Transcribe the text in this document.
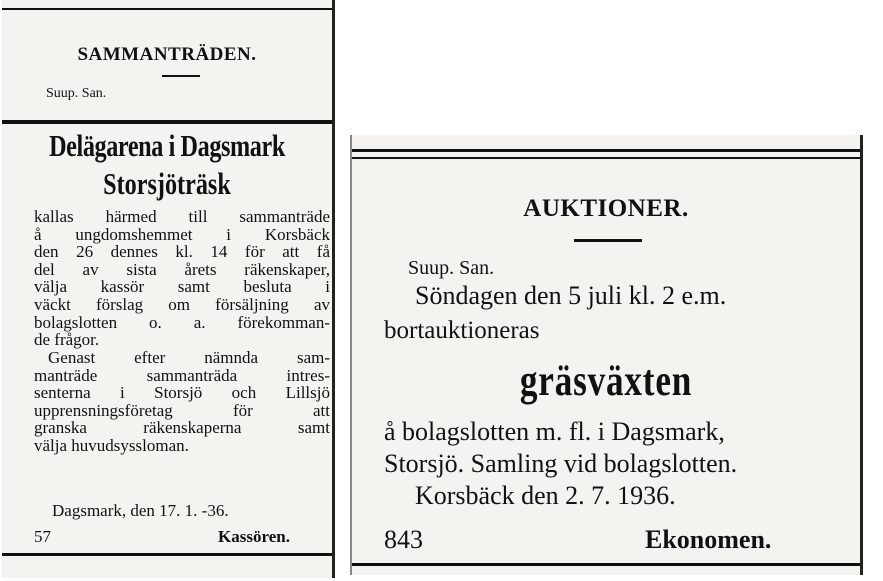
SAMMANTRÄDEN.
Suup. San.
Delägarena i Dagsmark
Storsjöträsk
kallas härmed till sammanträde
å ungdomshemmet i Korsbäck
den 26 dennes kl. 14 för att få
del av sista årets räkenskaper,
välja kassör samt besluta i
väckt förslag om försäljning av
bolagslotten o. a. förekomman-
de frågor.
Genast efter nämnda sam-
manträde sammanträda intres-
senterna i Storsjö och Lillsjö
upprensningsföretag för att
granska räkenskaperna samt
välja huvudsyssloman.
Dagsmark, den 17. 1. -36.
57	Kassören.
AUKTIONER.
Suup. San.
Söndagen den 5 juli kl. 2 e.m.
bortauktioneras
gräsväxten
å bolagslotten m. fl. i Dagsmark,
Storsjö. Samling vid bolagslotten.
Korsbäck den 2. 7. 1936.
843	Ekonomen.
